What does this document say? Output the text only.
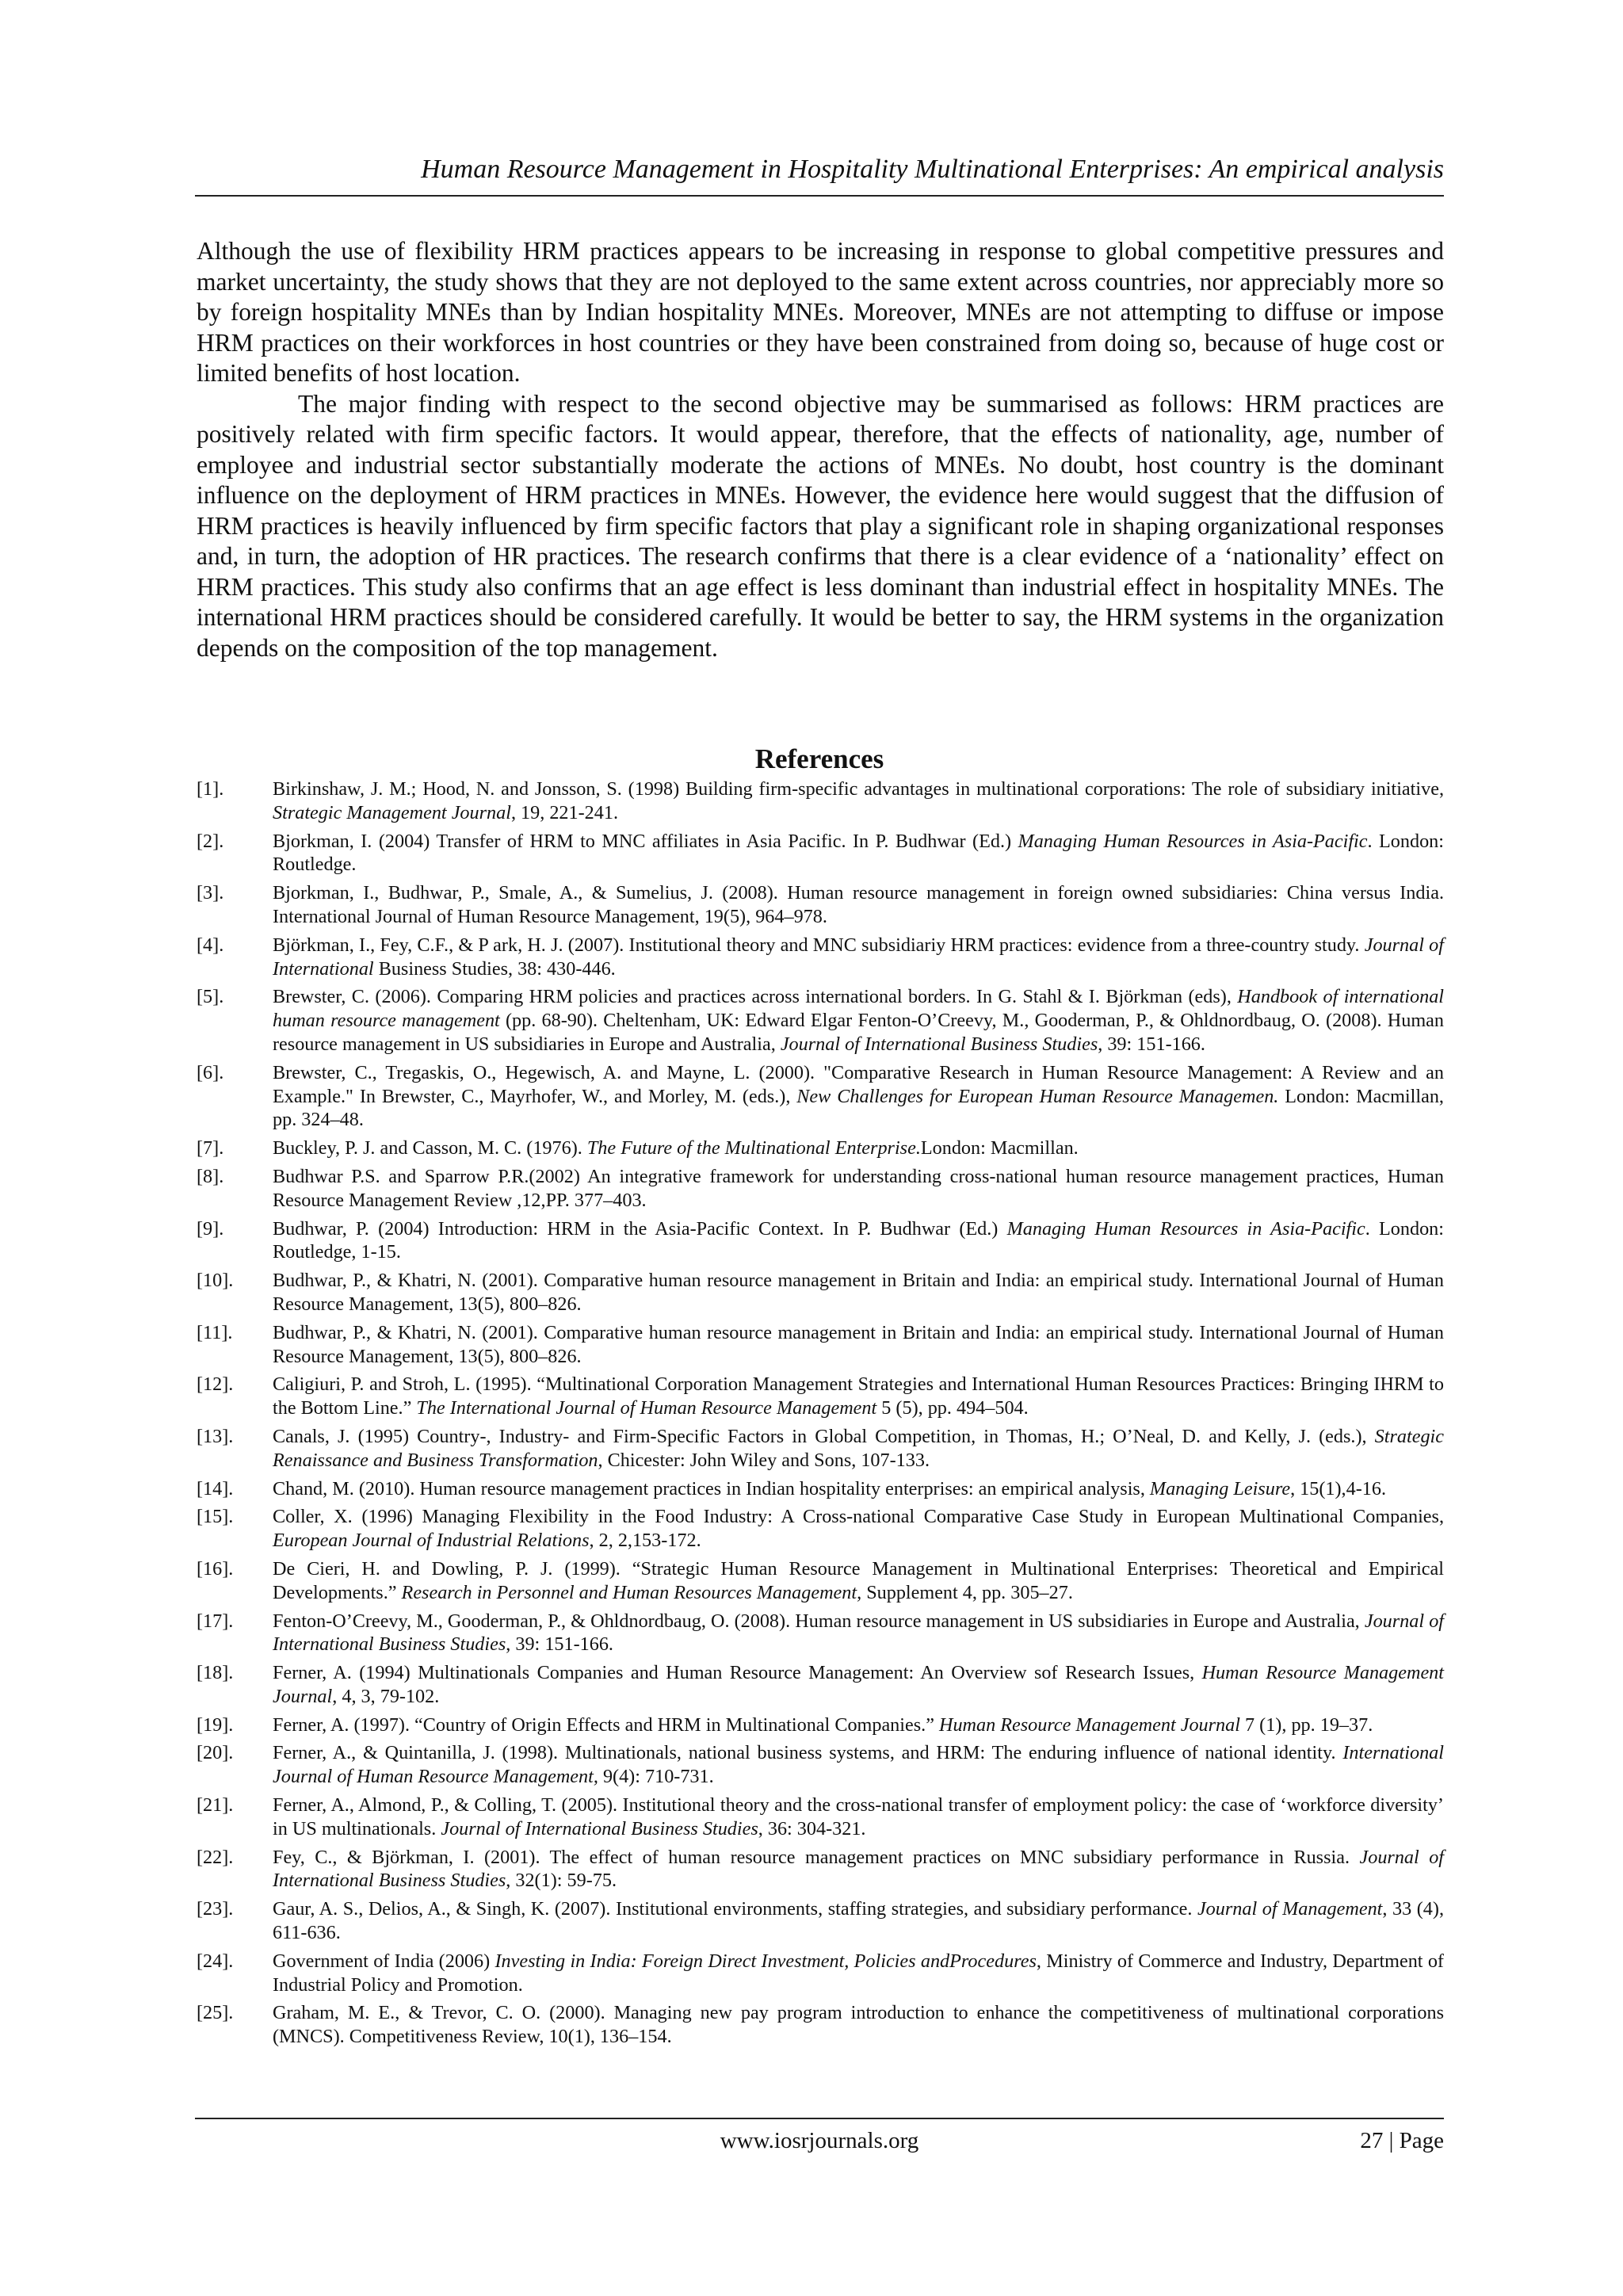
Human Resource Management in Hospitality Multinational Enterprises: An empirical analysis

Although the use of flexibility HRM practices appears to be increasing in response to global competitive pressures and market uncertainty, the study shows that they are not deployed to the same extent across countries, nor appreciably more so by foreign hospitality MNEs than by Indian hospitality MNEs. Moreover, MNEs are not attempting to diffuse or impose HRM practices on their workforces in host countries or they have been constrained from doing so, because of huge cost or limited benefits of host location.

The major finding with respect to the second objective may be summarised as follows: HRM practices are positively related with firm specific factors. It would appear, therefore, that the effects of nationality, age, number of employee and industrial sector substantially moderate the actions of MNEs. No doubt, host country is the dominant influence on the deployment of HRM practices in MNEs. However, the evidence here would suggest that the diffusion of HRM practices is heavily influenced by firm specific factors that play a significant role in shaping organizational responses and, in turn, the adoption of HR practices. The research confirms that there is a clear evidence of a ‘nationality’ effect on HRM practices. This study also confirms that an age effect is less dominant than industrial effect in hospitality MNEs. The international HRM practices should be considered carefully. It would be better to say, the HRM systems in the organization depends on the composition of the top management.

References
[1].	Birkinshaw, J. M.; Hood, N. and Jonsson, S. (1998) Building firm-specific advantages in multinational corporations: The role of subsidiary initiative, Strategic Management Journal, 19, 221-241.
[2].	Bjorkman, I. (2004) Transfer of HRM to MNC affiliates in Asia Pacific. In P. Budhwar (Ed.) Managing Human Resources in Asia-Pacific. London: Routledge.
[3].	Bjorkman, I., Budhwar, P., Smale, A., & Sumelius, J. (2008). Human resource management in foreign owned subsidiaries: China versus India. International Journal of Human Resource Management, 19(5), 964–978.
[4].	Björkman, I., Fey, C.F., & P ark, H. J. (2007). Institutional theory and MNC subsidiariy HRM practices: evidence from a three-country study. Journal of International Business Studies, 38: 430-446.
[5].	Brewster, C. (2006). Comparing HRM policies and practices across international borders. In G. Stahl & I. Björkman (eds), Handbook of international human resource management (pp. 68-90). Cheltenham, UK: Edward Elgar Fenton-O’Creevy, M., Gooderman, P., & Ohldnordbaug, O. (2008). Human resource management in US subsidiaries in Europe and Australia, Journal of International Business Studies, 39: 151-166.
[6].	Brewster, C., Tregaskis, O., Hegewisch, A. and Mayne, L. (2000). "Comparative Research in Human Resource Management: A Review and an Example." In Brewster, C., Mayrhofer, W., and Morley, M. (eds.), New Challenges for European Human Resource Managemen. London: Macmillan, pp. 324–48.
[7].	Buckley, P. J. and Casson, M. C. (1976). The Future of the Multinational Enterprise.London: Macmillan.
[8].	Budhwar P.S. and Sparrow P.R.(2002) An integrative framework for understanding cross-national human resource management practices, Human Resource Management Review ,12,PP. 377–403.
[9].	Budhwar, P. (2004) Introduction: HRM in the Asia-Pacific Context. In P. Budhwar (Ed.) Managing Human Resources in Asia-Pacific. London: Routledge, 1-15.
[10]. Budhwar, P., & Khatri, N. (2001). Comparative human resource management in Britain and India: an empirical study. International Journal of Human Resource Management, 13(5), 800–826.
[11]. Budhwar, P., & Khatri, N. (2001). Comparative human resource management in Britain and India: an empirical study. International Journal of Human Resource Management, 13(5), 800–826.
[12]. Caligiuri, P. and Stroh, L. (1995). “Multinational Corporation Management Strategies and International Human Resources Practices: Bringing IHRM to the Bottom Line.” The International Journal of Human Resource Management 5 (5), pp. 494–504.
[13]. Canals, J. (1995) Country-, Industry- and Firm-Specific Factors in Global Competition, in Thomas, H.; O’Neal, D. and Kelly, J. (eds.), Strategic Renaissance and Business Transformation, Chicester: John Wiley and Sons, 107-133.
[14]. Chand, M. (2010). Human resource management practices in Indian hospitality enterprises: an empirical analysis, Managing Leisure, 15(1),4-16.
[15]. Coller, X. (1996) Managing Flexibility in the Food Industry: A Cross-national Comparative Case Study in European Multinational Companies, European Journal of Industrial Relations, 2, 2,153-172.
[16]. De Cieri, H. and Dowling, P. J. (1999). “Strategic Human Resource Management in Multinational Enterprises: Theoretical and Empirical Developments.” Research in Personnel and Human Resources Management, Supplement 4, pp. 305–27.
[17]. Fenton-O’Creevy, M., Gooderman, P., & Ohldnordbaug, O. (2008). Human resource management in US subsidiaries in Europe and Australia, Journal of International Business Studies, 39: 151-166.
[18]. Ferner, A. (1994) Multinationals Companies and Human Resource Management: An Overview sof Research Issues, Human Resource Management Journal, 4, 3, 79-102.
[19]. Ferner, A. (1997). “Country of Origin Effects and HRM in Multinational Companies.” Human Resource Management Journal 7 (1), pp. 19–37.
[20]. Ferner, A., & Quintanilla, J. (1998). Multinationals, national business systems, and HRM: The enduring influence of national identity. International Journal of Human Resource Management, 9(4): 710-731.
[21]. Ferner, A., Almond, P., & Colling, T. (2005). Institutional theory and the cross-national transfer of employment policy: the case of ‘workforce diversity’ in US multinationals. Journal of International Business Studies, 36: 304-321.
[22]. Fey, C., & Björkman, I. (2001). The effect of human resource management practices on MNC subsidiary performance in Russia. Journal of International Business Studies, 32(1): 59-75.
[23]. Gaur, A. S., Delios, A., & Singh, K. (2007). Institutional environments, staffing strategies, and subsidiary performance. Journal of Management, 33 (4), 611-636.
[24]. Government of India (2006) Investing in India: Foreign Direct Investment, Policies andProcedures, Ministry of Commerce and Industry, Department of Industrial Policy and Promotion.
[25]. Graham, M. E., & Trevor, C. O. (2000). Managing new pay program introduction to enhance the competitiveness of multinational corporations (MNCS). Competitiveness Review, 10(1), 136–154.
www.iosrjournals.org	27 | Page
